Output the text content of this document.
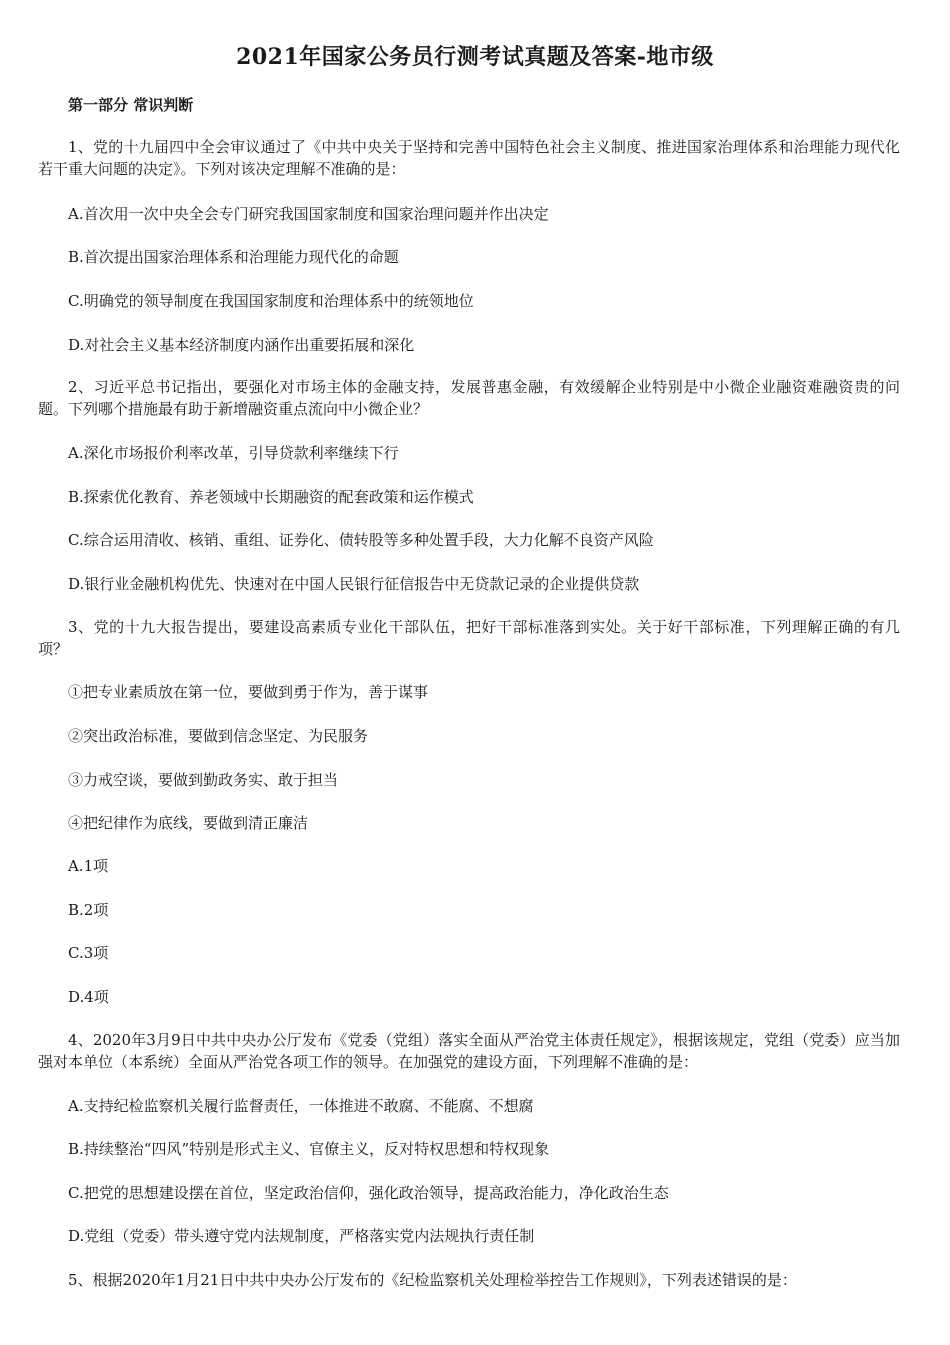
2021年国家公务员行测考试真题及答案-地市级
第一部分 常识判断
1、党的十九届四中全会审议通过了《中共中央关于坚持和完善中国特色社会主义制度、推进国家治理体系和治理能力现代化若干重大问题的决定》。下列对该决定理解不准确的是：
A.首次用一次中央全会专门研究我国国家制度和国家治理问题并作出决定
B.首次提出国家治理体系和治理能力现代化的命题
C.明确党的领导制度在我国国家制度和治理体系中的统领地位
D.对社会主义基本经济制度内涵作出重要拓展和深化
2、习近平总书记指出，要强化对市场主体的金融支持，发展普惠金融，有效缓解企业特别是中小微企业融资难融资贵的问题。下列哪个措施最有助于新增融资重点流向中小微企业？
A.深化市场报价利率改革，引导贷款利率继续下行
B.探索优化教育、养老领域中长期融资的配套政策和运作模式
C.综合运用清收、核销、重组、证券化、债转股等多种处置手段，大力化解不良资产风险
D.银行业金融机构优先、快速对在中国人民银行征信报告中无贷款记录的企业提供贷款
3、党的十九大报告提出，要建设高素质专业化干部队伍，把好干部标准落到实处。关于好干部标准，下列理解正确的有几项？
①把专业素质放在第一位，要做到勇于作为，善于谋事
②突出政治标准，要做到信念坚定、为民服务
③力戒空谈，要做到勤政务实、敢于担当
④把纪律作为底线，要做到清正廉洁
A.1项
B.2项
C.3项
D.4项
4、2020年3月9日中共中央办公厅发布《党委（党组）落实全面从严治党主体责任规定》，根据该规定，党组（党委）应当加强对本单位（本系统）全面从严治党各项工作的领导。在加强党的建设方面，下列理解不准确的是：
A.支持纪检监察机关履行监督责任，一体推进不敢腐、不能腐、不想腐
B.持续整治“四风”特别是形式主义、官僚主义，反对特权思想和特权现象
C.把党的思想建设摆在首位，坚定政治信仰，强化政治领导，提高政治能力，净化政治生态
D.党组（党委）带头遵守党内法规制度，严格落实党内法规执行责任制
5、根据2020年1月21日中共中央办公厅发布的《纪检监察机关处理检举控告工作规则》，下列表述错误的是：
